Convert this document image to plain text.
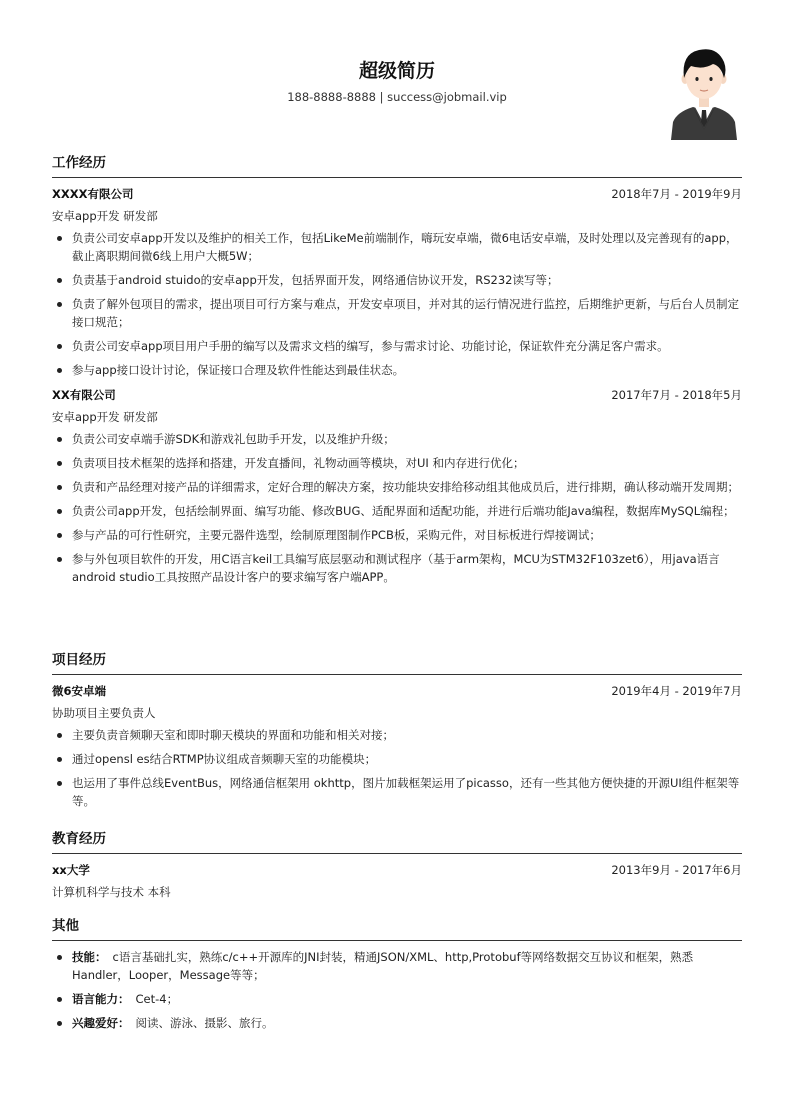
超级简历
188-8888-8888 | success@jobmail.vip
工作经历
XXXX有限公司	2018年7月 - 2019年9月
安卓app开发 研发部
负责公司安卓app开发以及维护的相关工作，包括LikeMe前端制作，嗨玩安卓端，微6电话安卓端，及时处理以及完善现有的app，截止离职期间微6线上用户大概5W；
负责基于android stuido的安卓app开发，包括界面开发，网络通信协议开发，RS232读写等；
负责了解外包项目的需求，提出项目可行方案与难点，开发安卓项目，并对其的运行情况进行监控，后期维护更新，与后台人员制定接口规范；
负责公司安卓app项目用户手册的编写以及需求文档的编写，参与需求讨论、功能讨论，保证软件充分满足客户需求。
参与app接口设计讨论，保证接口合理及软件性能达到最佳状态。
XX有限公司	2017年7月 - 2018年5月
安卓app开发 研发部
负责公司安卓端手游SDK和游戏礼包助手开发，以及维护升级；
负责项目技术框架的选择和搭建，开发直播间，礼物动画等模块，对UI 和内存进行优化；
负责和产品经理对接产品的详细需求，定好合理的解决方案，按功能块安排给移动组其他成员后，进行排期，确认移动端开发周期；
负责公司app开发，包括绘制界面、编写功能、修改BUG、适配界面和适配功能，并进行后端功能Java编程，数据库MySQL编程；
参与产品的可行性研究，主要元器件选型，绘制原理图制作PCB板，采购元件，对目标板进行焊接调试；
参与外包项目软件的开发，用C语言keil工具编写底层驱动和测试程序（基于arm架构，MCU为STM32F103zet6），用java语言android studio工具按照产品设计客户的要求编写客户端APP。
项目经历
微6安卓端	2019年4月 - 2019年7月
协助项目主要负责人
主要负责音频聊天室和即时聊天模块的界面和功能和相关对接；
通过opensl es结合RTMP协议组成音频聊天室的功能模块；
也运用了事件总线EventBus，网络通信框架用 okhttp，图片加载框架运用了picasso，还有一些其他方便快捷的开源UI组件框架等等。
教育经历
xx大学	2013年9月 - 2017年6月
计算机科学与技术 本科
其他
技能： c语言基础扎实，熟练c/c++开源库的JNI封装，精通JSON/XML、http,Protobuf等网络数据交互协议和框架，熟悉Handler，Looper，Message等等；
语言能力： Cet-4；
兴趣爱好： 阅读、游泳、摄影、旅行。
